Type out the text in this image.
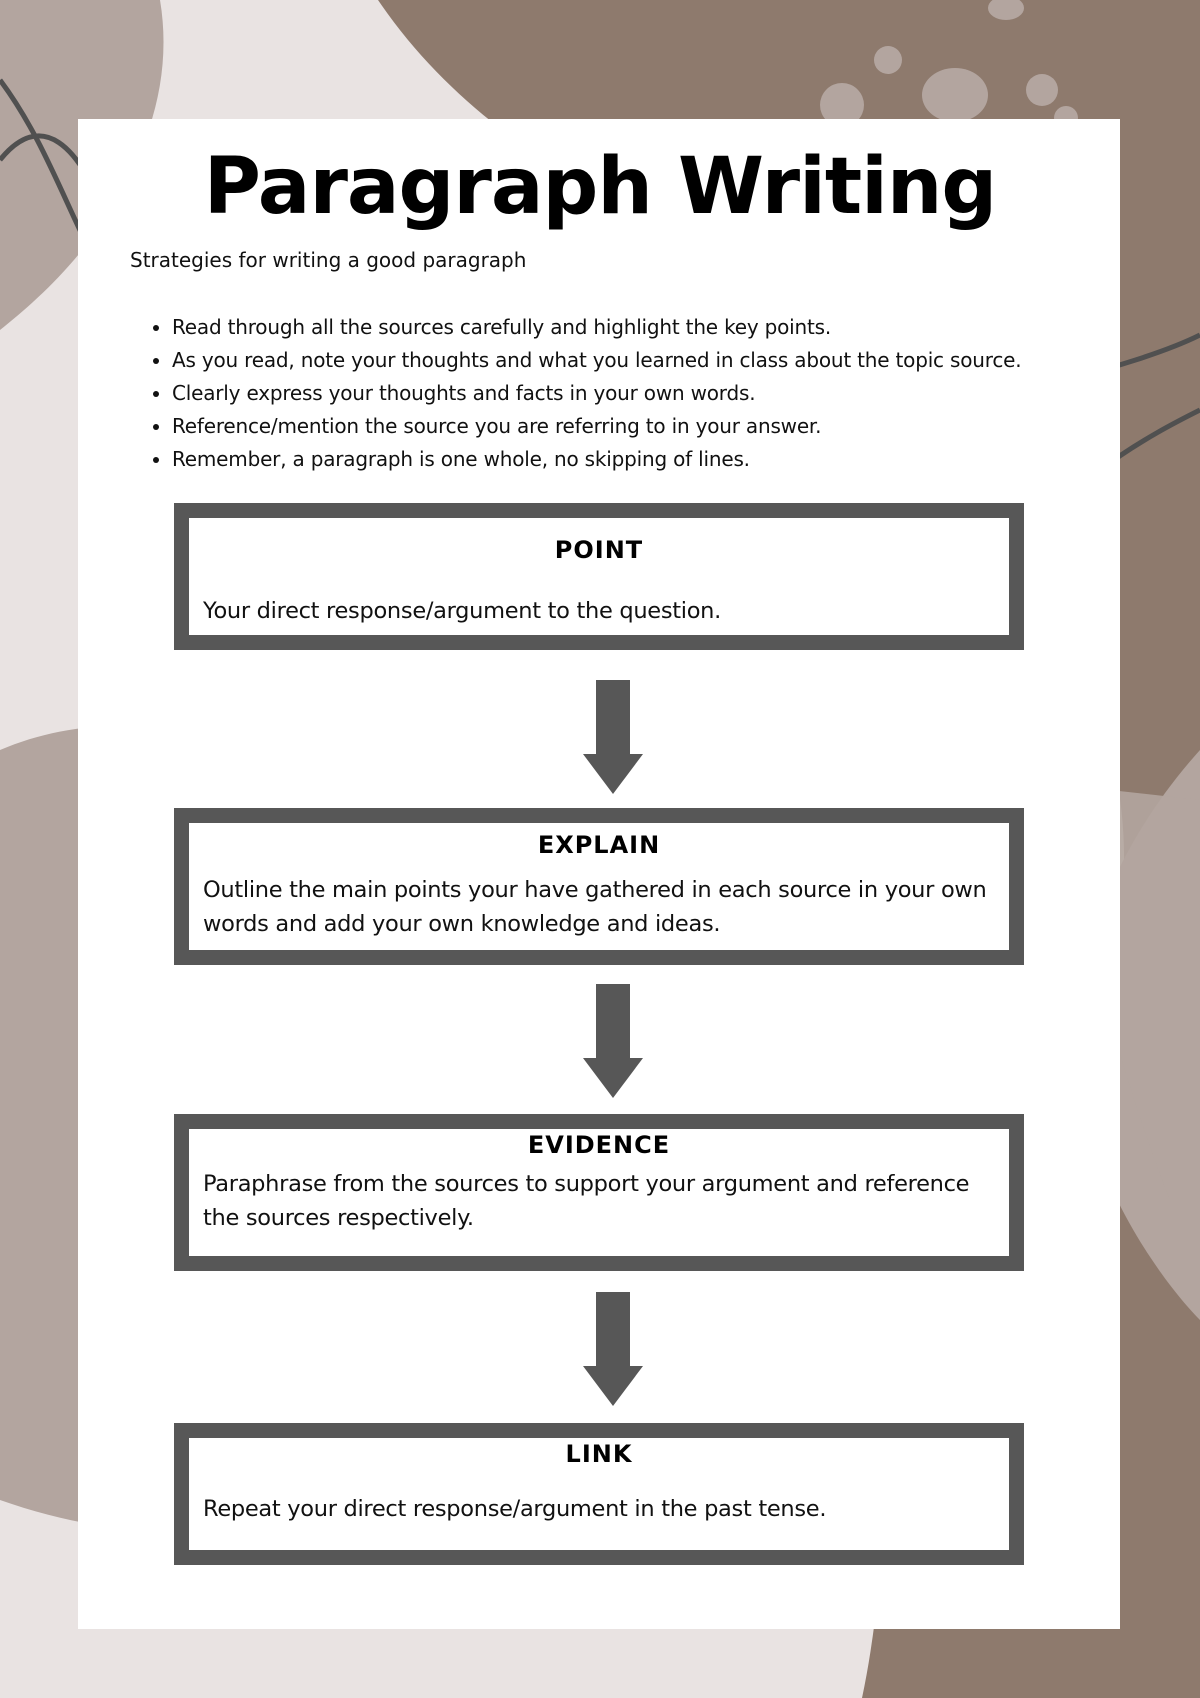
Paragraph Writing

Strategies for writing a good paragraph

• Read through all the sources carefully and highlight the key points.
• As you read, note your thoughts and what you learned in class about the topic source.
• Clearly express your thoughts and facts in your own words.
• Reference/mention the source you are referring to in your answer.
• Remember, a paragraph is one whole, no skipping of lines.
POINT
Your direct response/argument to the question.
EXPLAIN
Outline the main points your have gathered in each source in your own words and add your own knowledge and ideas.
EVIDENCE
Paraphrase from the sources to support your argument and reference the sources respectively.
LINK
Repeat your direct response/argument in the past tense.
